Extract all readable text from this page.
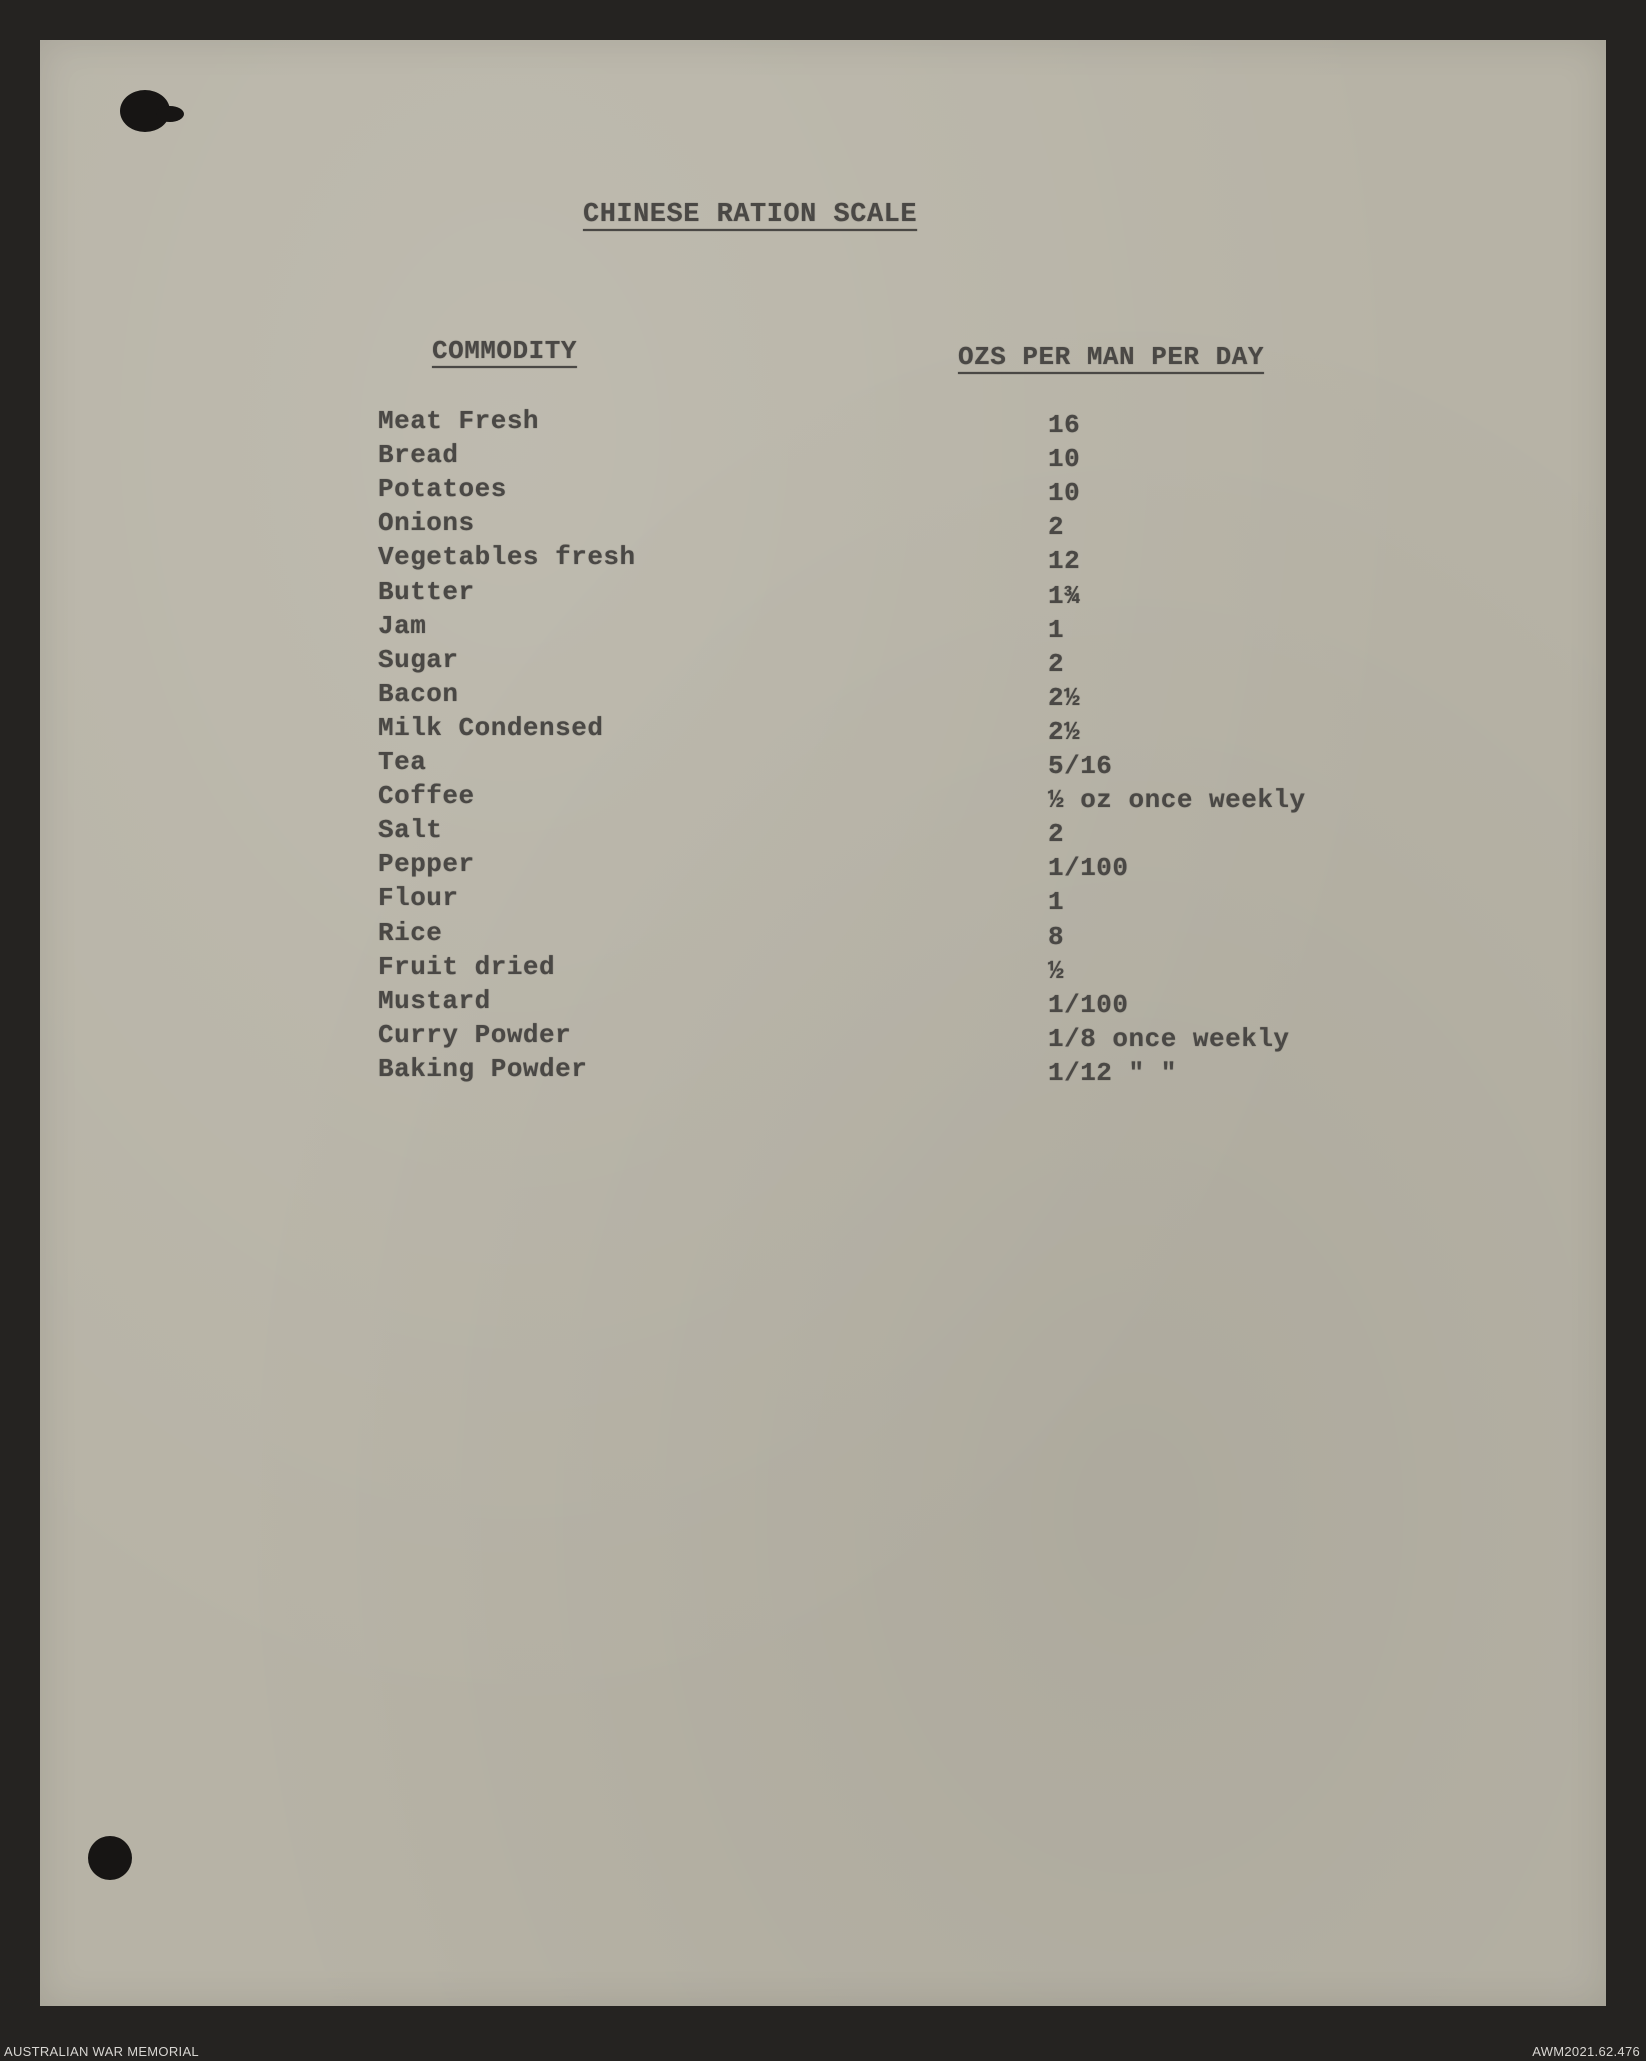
CHINESE RATION SCALE
COMMODITY	OZS PER MAN PER DAY
Meat Fresh	16
Bread	10
Potatoes	10
Onions	2
Vegetables fresh	12
Butter	1¾
Jam	1
Sugar	2
Bacon	2½
Milk Condensed	2½
Tea	5/16
Coffee	½ oz once weekly
Salt	2
Pepper	1/100
Flour	1
Rice	8
Fruit dried	½
Mustard	1/100
Curry Powder	1/8 once weekly
Baking Powder	1/12 " "
AUSTRALIAN WAR MEMORIAL	AWM2021.62.476
